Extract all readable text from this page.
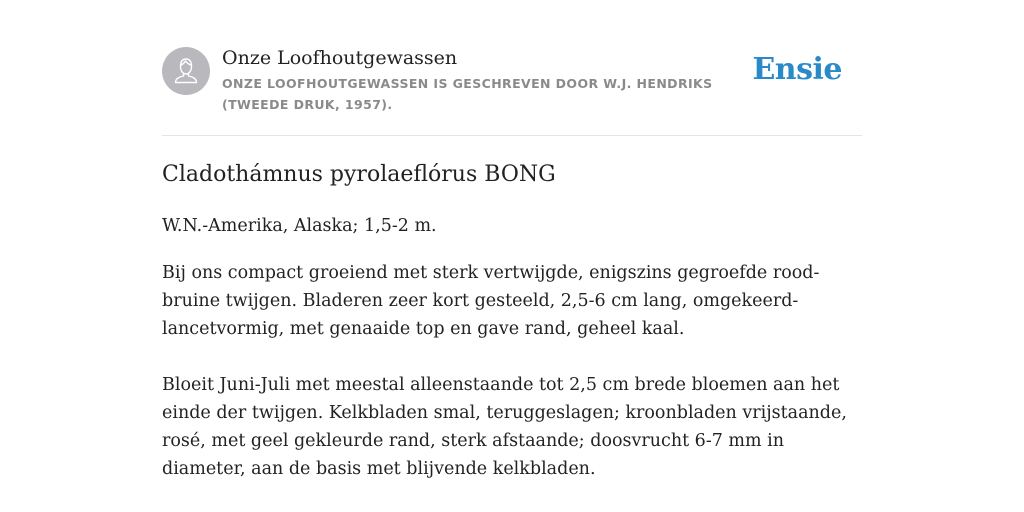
Onze Loofhoutgewassen
ONZE LOOFHOUTGEWASSEN IS GESCHREVEN DOOR W.J. HENDRIKS (TWEEDE DRUK, 1957).
Ensie
Cladothámnus pyrolaeflórus BONG

W.N.-Amerika, Alaska; 1,5-2 m.

Bij ons compact groeiend met sterk vertwijgde, enigszins gegroefde rood-bruine twijgen. Bladeren zeer kort gesteeld, 2,5-6 cm lang, omgekeerd-lancetvormig, met genaaide top en gave rand, geheel kaal.

Bloeit Juni-Juli met meestal alleenstaande tot 2,5 cm brede bloemen aan het einde der twijgen. Kelkbladen smal, teruggeslagen; kroonbladen vrijstaande, rosé, met geel gekleurde rand, sterk afstaande; doosvrucht 6-7 mm in diameter, aan de basis met blijvende kelkbladen.
